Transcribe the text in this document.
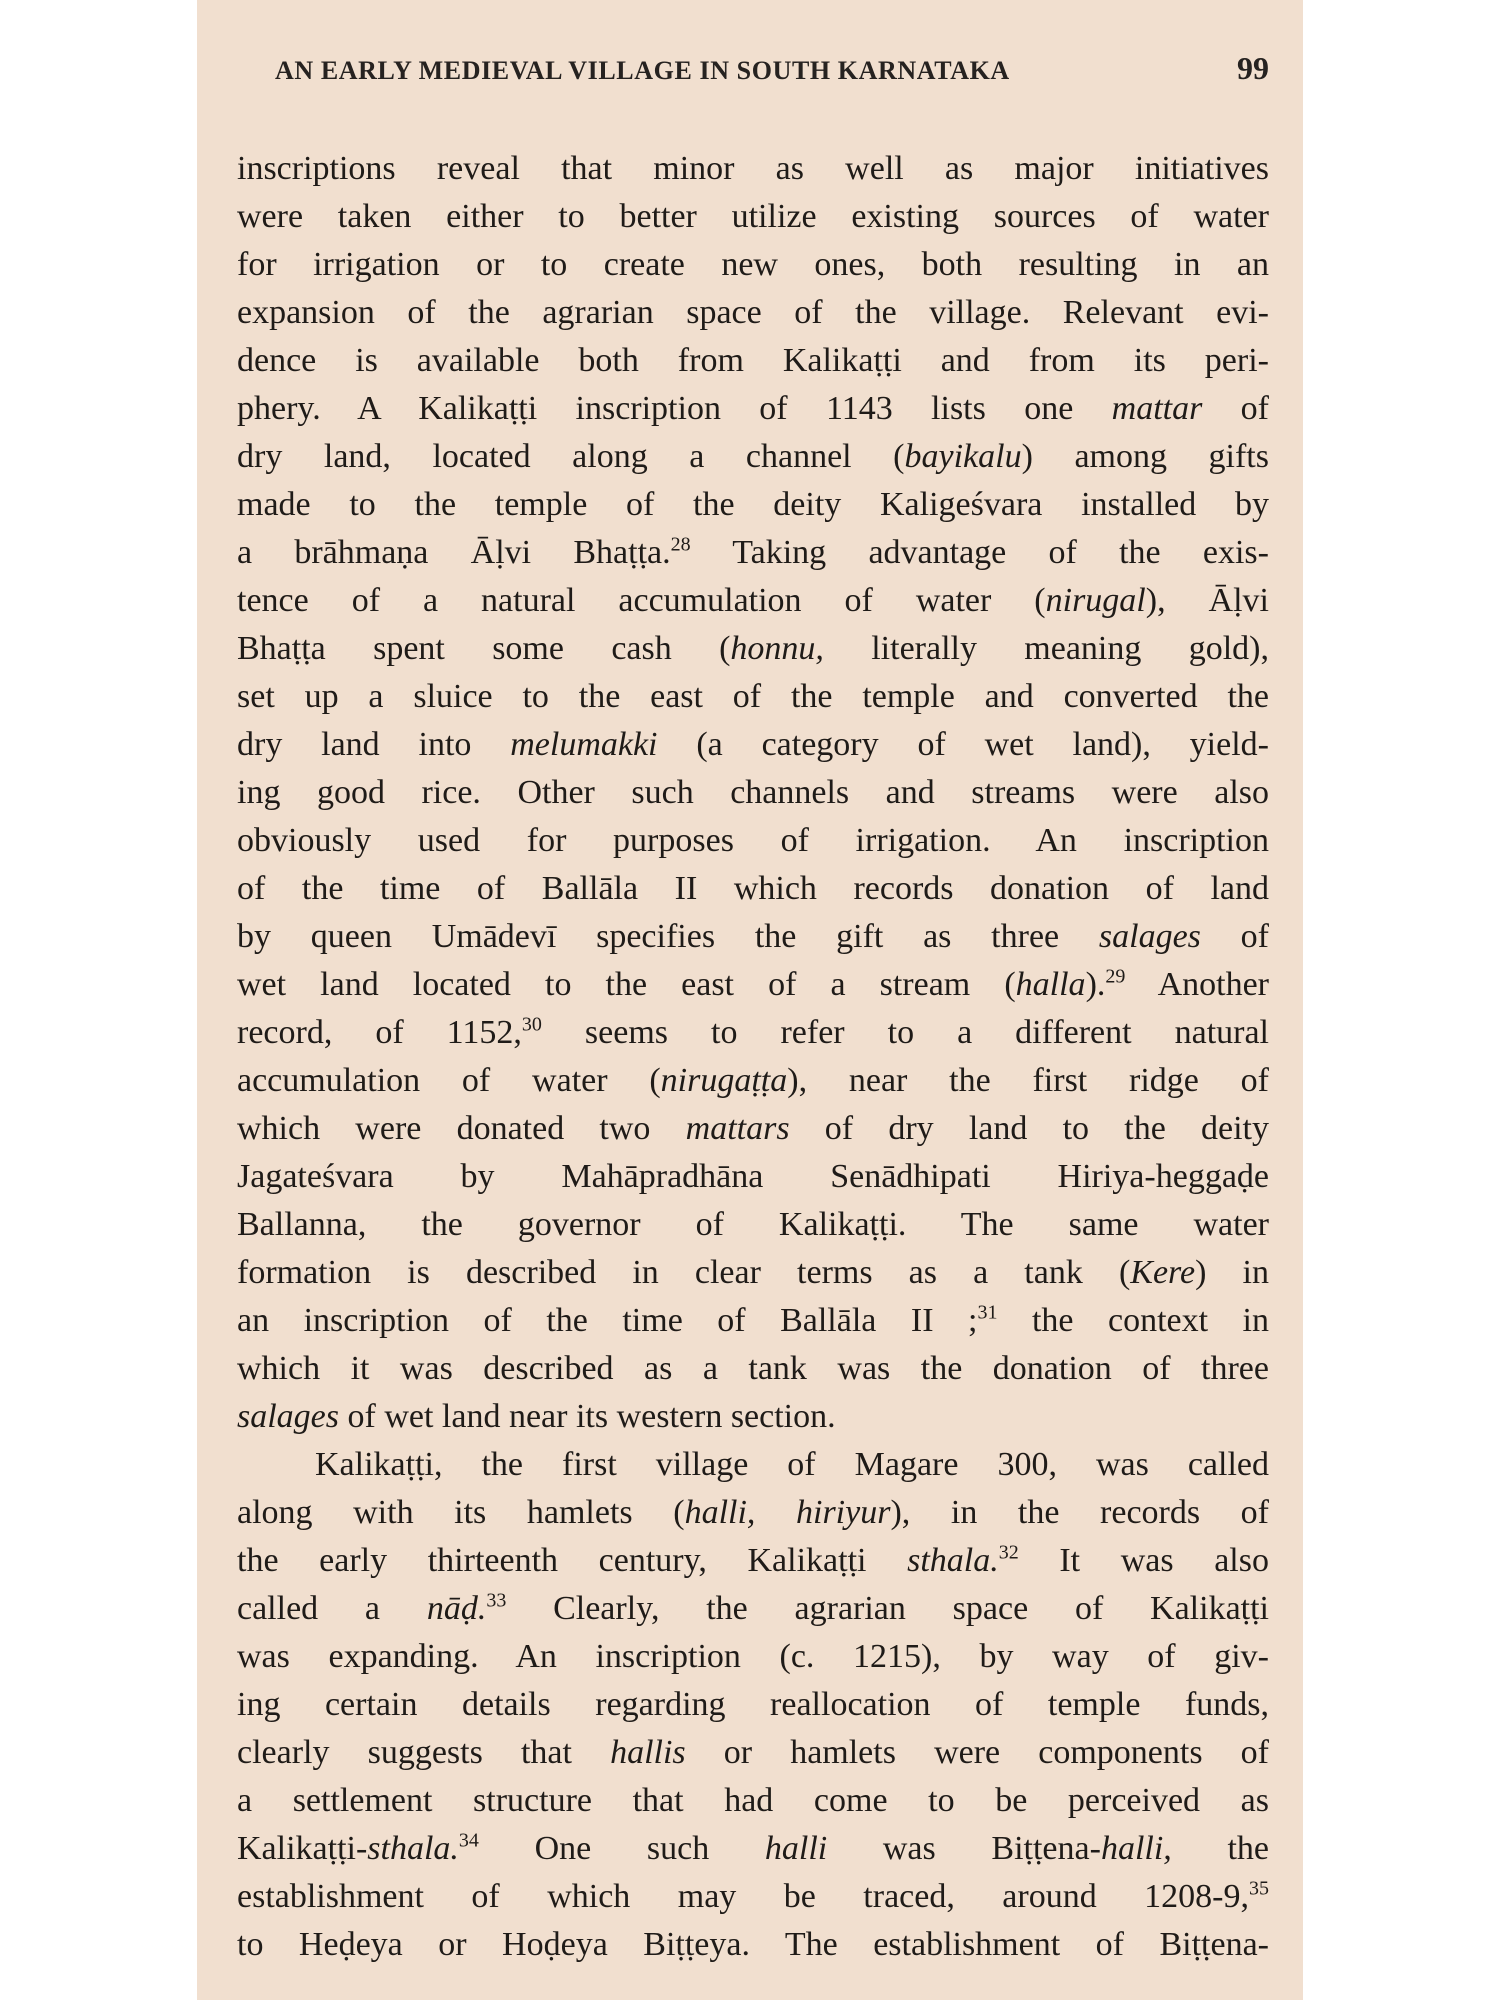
AN EARLY MEDIEVAL VILLAGE IN SOUTH KARNATAKA	99
inscriptions reveal that minor as well as major initiatives
were taken either to better utilize existing sources of water
for irrigation or to create new ones, both resulting in an
expansion of the agrarian space of the village. Relevant evi-
dence is available both from Kalikaṭṭi and from its peri-
phery. A Kalikaṭṭi inscription of 1143 lists one mattar of
dry land, located along a channel (bayikalu) among gifts
made to the temple of the deity Kaligeśvara installed by
a brāhmaṇa Āḷvi Bhaṭṭa.$^{28}$ Taking advantage of the exis-
tence of a natural accumulation of water (nirugal), Āḷvi
Bhaṭṭa spent some cash (honnu, literally meaning gold),
set up a sluice to the east of the temple and converted the
dry land into melumakki (a category of wet land), yield-
ing good rice. Other such channels and streams were also
obviously used for purposes of irrigation. An inscription
of the time of Ballāla II which records donation of land
by queen Umādevī specifies the gift as three salages of
wet land located to the east of a stream (halla).$^{29}$ Another
record, of 1152,30 seems to refer to a different natural
accumulation of water (nirugaṭṭa), near the first ridge of
which were donated two mattars of dry land to the deity
Jagateśvara by Mahāpradhāna Senādhipati Hiriya-heggaḍe
Ballanna, the governor of Kalikaṭṭi. The same water
formation is described in clear terms as a tank (Kere) in
an inscription of the time of Ballāla II ;$^{31}$ the context in
which it was described as a tank was the donation of three
salages of wet land near its western section.
Kalikaṭṭi, the first village of Magare 300, was called
along with its hamlets (halli, hiriyur), in the records of
the early thirteenth century, Kalikaṭṭi sthala.$^{32}$ It was also
called a nāḍ.$^{33}$ Clearly, the agrarian space of Kalikaṭṭi
was expanding. An inscription (c. 1215), by way of giv-
ing certain details regarding reallocation of temple funds,
clearly suggests that hallis or hamlets were components of
a settlement structure that had come to be perceived as
Kalikaṭṭi-sthala.$^{34}$ One such halli was Biṭṭena-halli, the
establishment of which may be traced, around 1208-9,35
to Heḍeya or Hoḍeya Biṭṭeya. The establishment of Biṭṭena-
